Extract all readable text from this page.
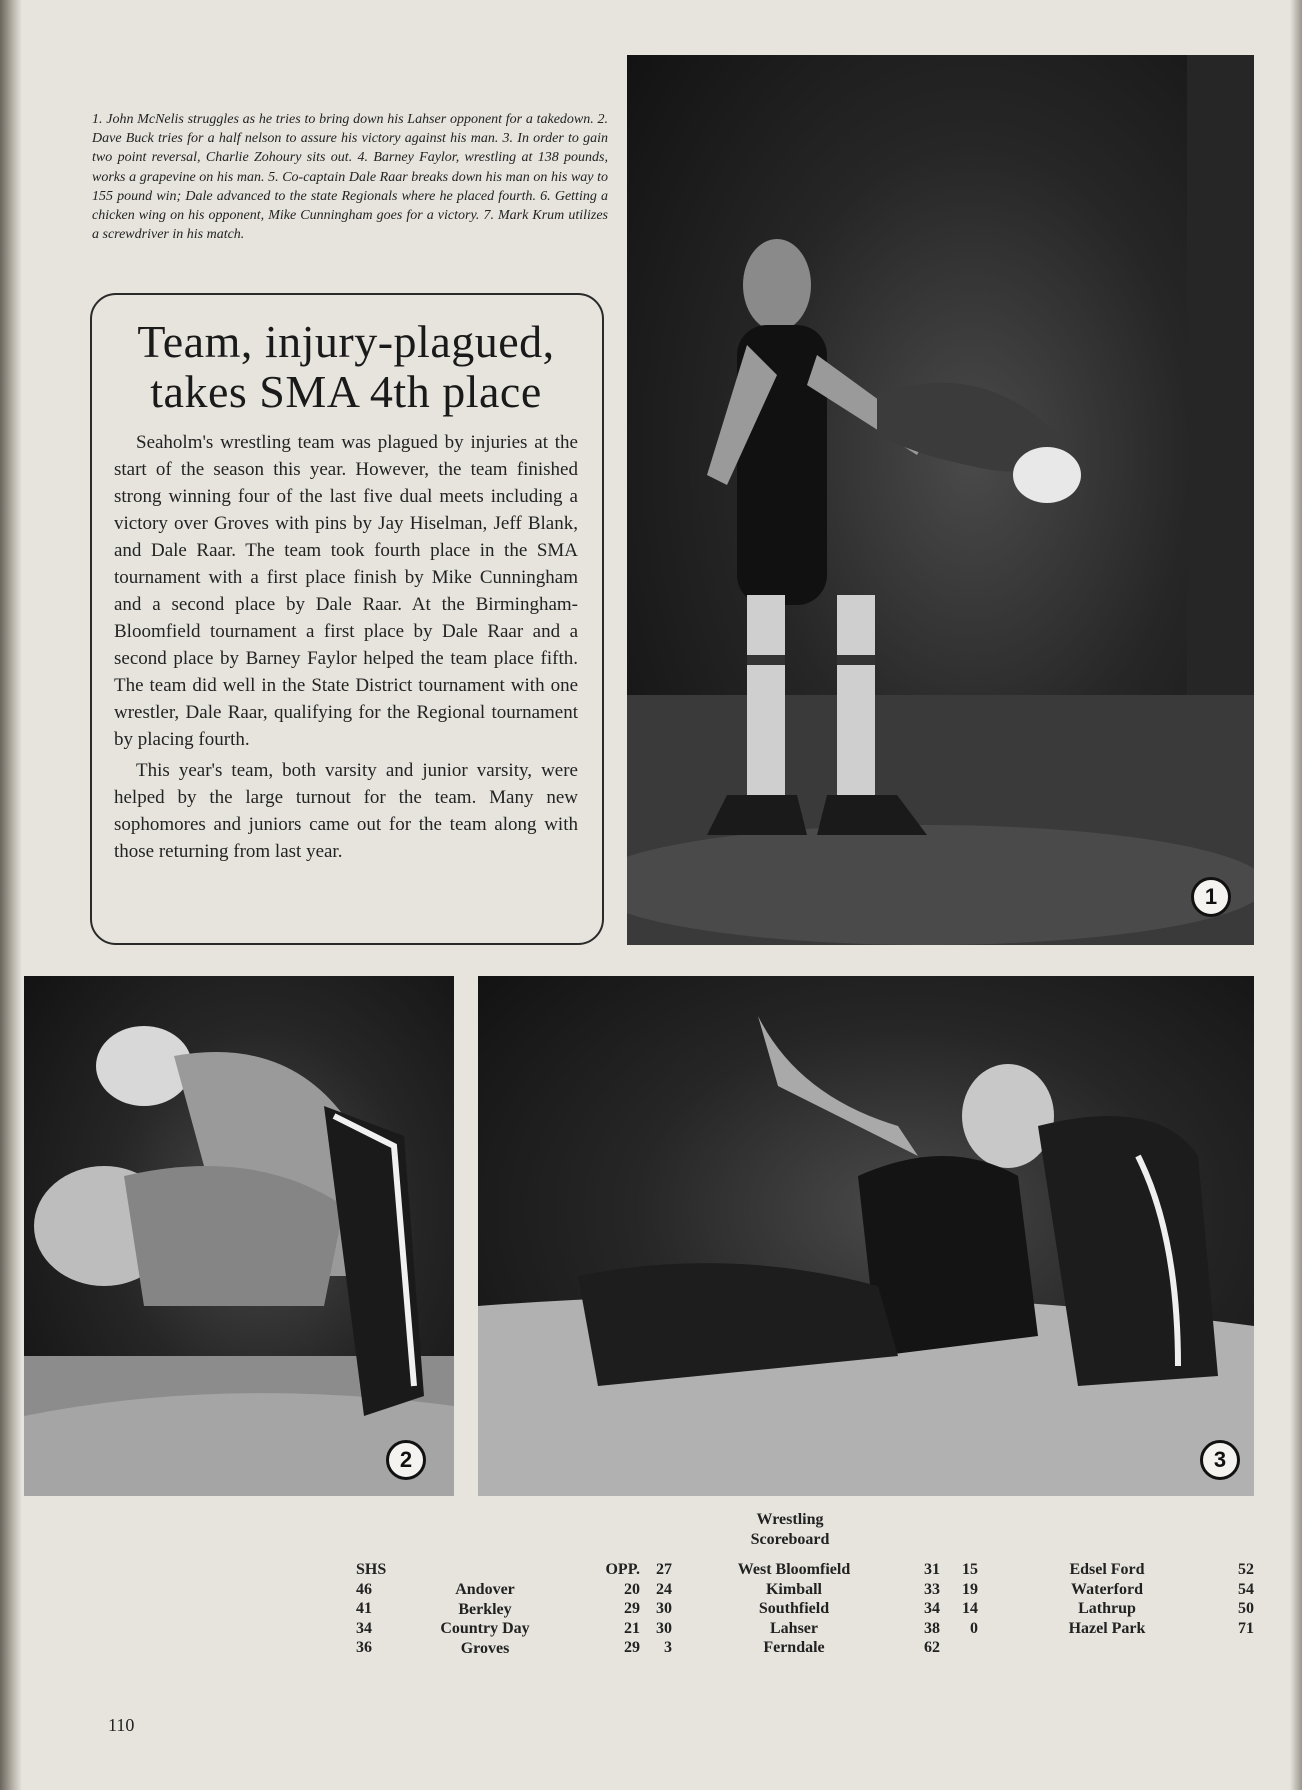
1. John McNelis struggles as he tries to bring down his Lahser opponent for a takedown. 2. Dave Buck tries for a half nelson to assure his victory against his man. 3. In order to gain two point reversal, Charlie Zohoury sits out. 4. Barney Faylor, wrestling at 138 pounds, works a grapevine on his man. 5. Co-captain Dale Raar breaks down his man on his way to 155 pound win; Dale advanced to the state Regionals where he placed fourth. 6. Getting a chicken wing on his opponent, Mike Cunningham goes for a victory. 7. Mark Krum utilizes a screwdriver in his match.
Team, injury-plagued,
takes SMA 4th place

Seaholm's wrestling team was plagued by injuries at the start of the season this year. However, the team finished strong winning four of the last five dual meets including a victory over Groves with pins by Jay Hiselman, Jeff Blank, and Dale Raar. The team took fourth place in the SMA tournament with a first place finish by Mike Cunningham and a second place by Dale Raar. At the Birmingham-Bloomfield tournament a first place by Dale Raar and a second place by Barney Faylor helped the team place fifth. The team did well in the State District tournament with one wrestler, Dale Raar, qualifying for the Regional tournament by placing fourth.

This year's team, both varsity and junior varsity, were helped by the large turnout for the team. Many new sophomores and juniors came out for the team along with those returning from last year.

1
2	3
Wrestling
Scoreboard
SHS
46
41
34
36
Andover
Berkley
Country Day
Groves
OPP.
20
29
21
29
27
24
30
30
3
West Bloomfield
Kimball
Southfield
Lahser
Ferndale
31
33
34
38
62
15
19
14
0
Edsel Ford
Waterford
Lathrup
Hazel Park
52
54
50
71
110
